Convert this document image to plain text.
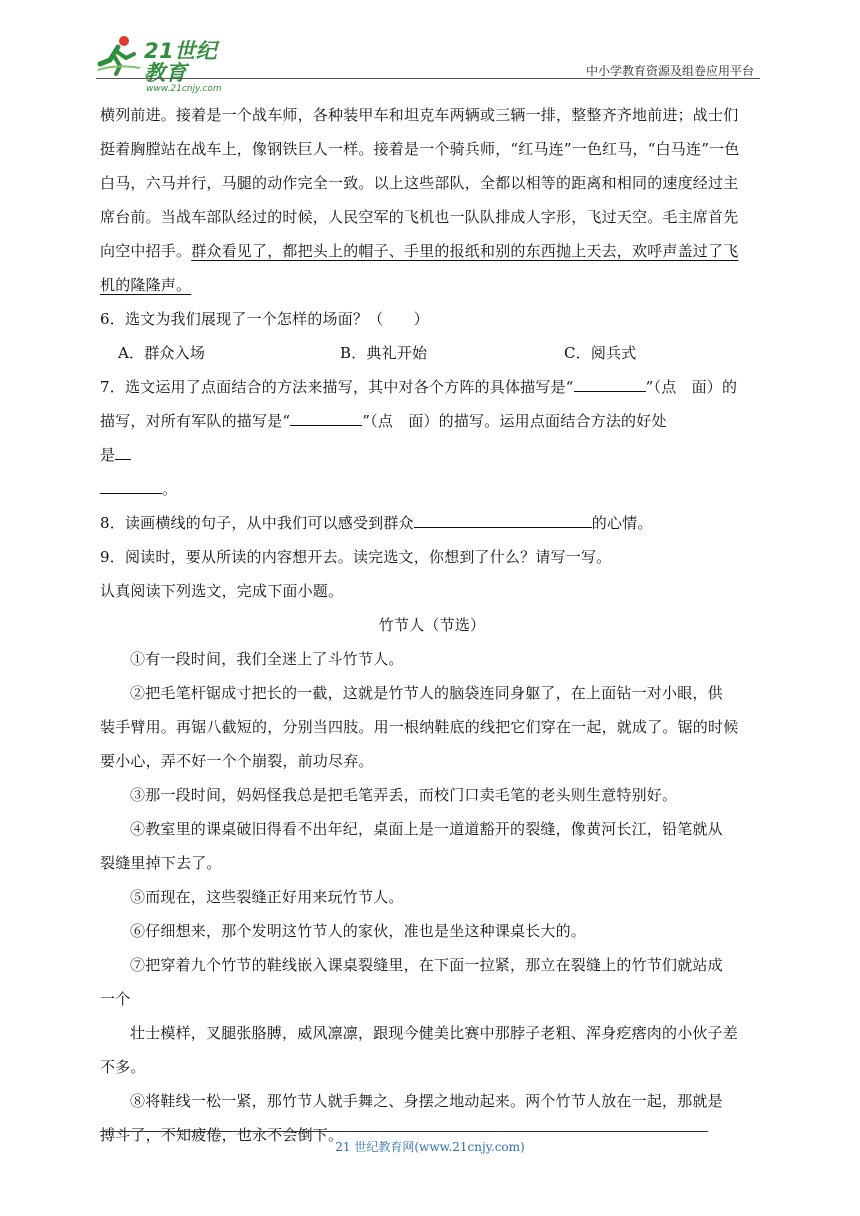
21世纪教育
www.21cnjy.com
中小学教育资源及组卷应用平台

横列前进。接着是一个战车师，各种装甲车和坦克车两辆或三辆一排，整整齐齐地前进；战士们

挺着胸膛站在战车上，像钢铁巨人一样。接着是一个骑兵师，“红马连”一色红马，“白马连”一色

白马，六马并行，马腿的动作完全一致。以上这些部队，全都以相等的距离和相同的速度经过主

席台前。当战车部队经过的时候，人民空军的飞机也一队队排成人字形，飞过天空。毛主席首先

向空中招手。群众看见了，都把头上的帽子、手里的报纸和别的东西抛上天去，欢呼声盖过了飞

机的隆隆声。

6．选文为我们展现了一个怎样的场面？（　　）

A．群众入场	B．典礼开始	C．阅兵式

7．选文运用了点面结合的方法来描写，其中对各个方阵的具体描写是“	”（点　面）的

描写，对所有军队的描写是“	”（点　面）的描写。运用点面结合方法的好处

是

。

8．读画横线的句子，从中我们可以感受到群众	的心情。

9．阅读时，要从所读的内容想开去。读完选文，你想到了什么？请写一写。

认真阅读下列选文，完成下面小题。

竹节人（节选）

①有一段时间，我们全迷上了斗竹节人。

②把毛笔杆锯成寸把长的一截，这就是竹节人的脑袋连同身躯了，在上面钻一对小眼，供

装手臂用。再锯八截短的，分别当四肢。用一根纳鞋底的线把它们穿在一起，就成了。锯的时候

要小心，弄不好一个个崩裂，前功尽弃。

③那一段时间，妈妈怪我总是把毛笔弄丢，而校门口卖毛笔的老头则生意特别好。

④教室里的课桌破旧得看不出年纪，桌面上是一道道豁开的裂缝，像黄河长江，铅笔就从

裂缝里掉下去了。

⑤而现在，这些裂缝正好用来玩竹节人。

⑥仔细想来，那个发明这竹节人的家伙，准也是坐这种课桌长大的。

⑦把穿着九个竹节的鞋线嵌入课桌裂缝里，在下面一拉紧，那立在裂缝上的竹节们就站成

一个

壮士模样，叉腿张胳膊，威风凛凛，跟现今健美比赛中那脖子老粗、浑身疙瘩肉的小伙子差

不多。

⑧将鞋线一松一紧，那竹节人就手舞之、身摆之地动起来。两个竹节人放在一起，那就是

搏斗了，不知疲倦，也永不会倒下。

21 世纪教育网(www.21cnjy.com)
